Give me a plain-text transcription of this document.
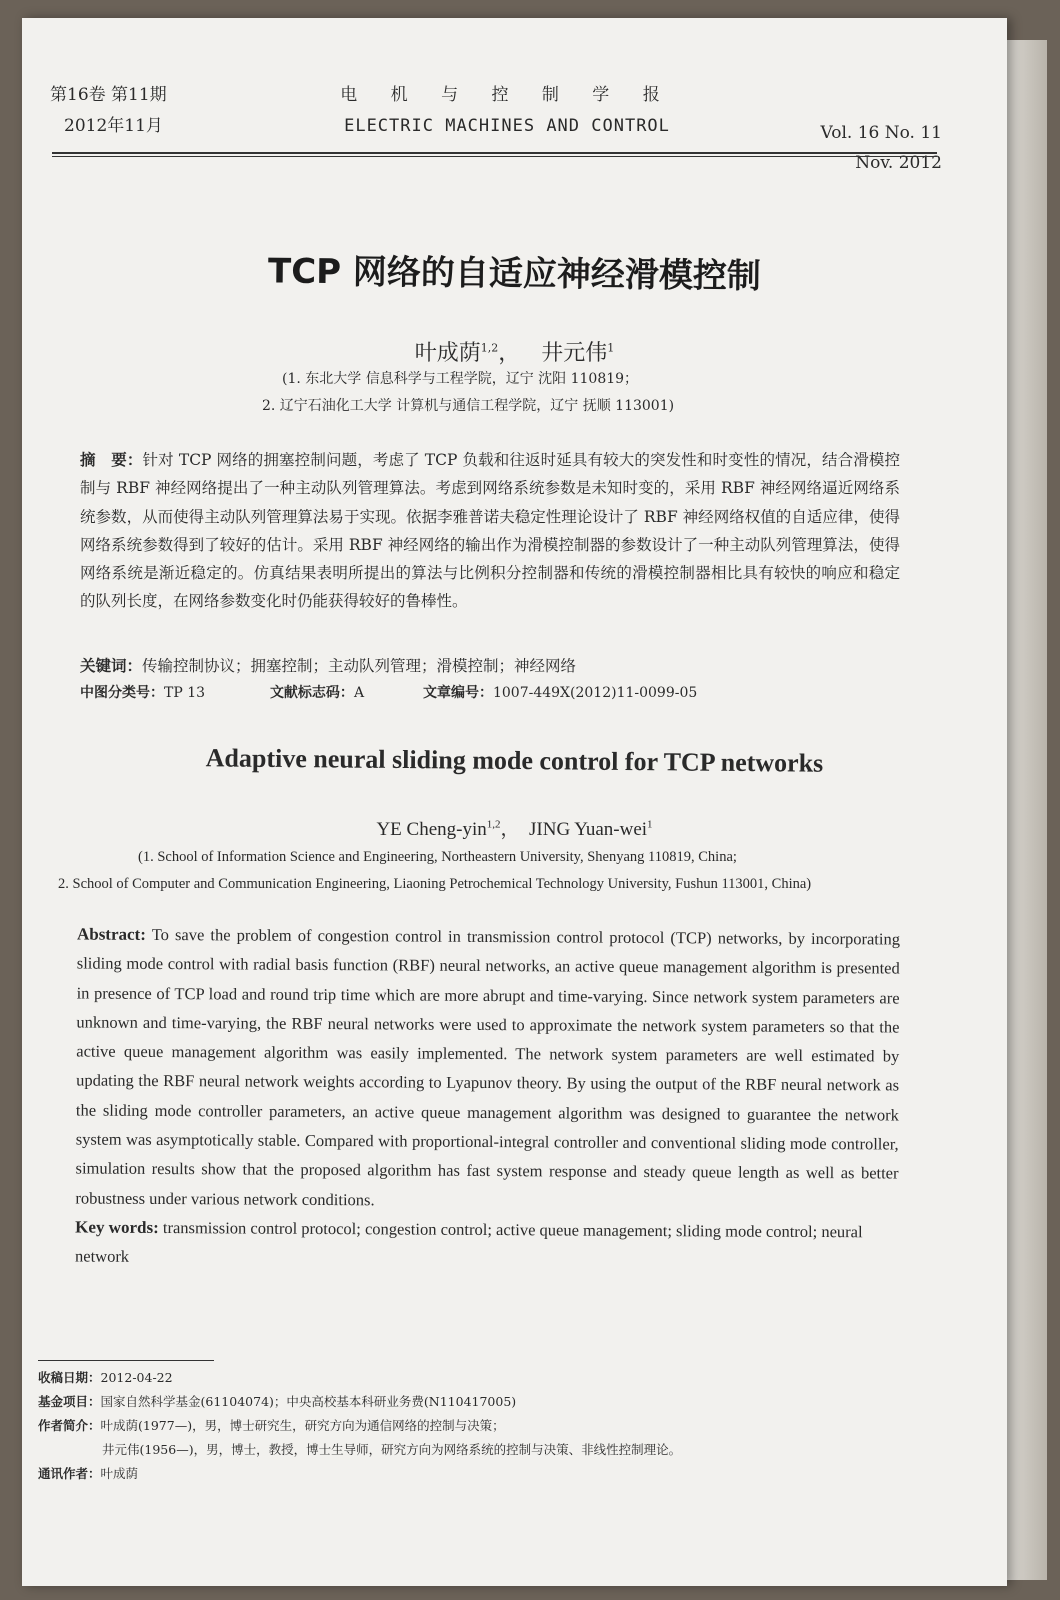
第16卷 第11期
2012年11月
电 机 与 控 制 学 报
ELECTRIC MACHINES AND CONTROL	Vol. 16 No. 11
Nov. 2012
TCP 网络的自适应神经滑模控制
叶成荫$^{1,2}$， 井元伟$^1$
(1. 东北大学 信息科学与工程学院，辽宁 沈阳 110819；
2. 辽宁石油化工大学 计算机与通信工程学院，辽宁 抚顺 113001)
摘　要：针对 TCP 网络的拥塞控制问题，考虑了 TCP 负载和往返时延具有较大的突发性和时变性的情况，结合滑模控制与 RBF 神经网络提出了一种主动队列管理算法。考虑到网络系统参数是未知时变的，采用 RBF 神经网络逼近网络系统参数，从而使得主动队列管理算法易于实现。依据李雅普诺夫稳定性理论设计了 RBF 神经网络权值的自适应律，使得网络系统参数得到了较好的估计。采用 RBF 神经网络的输出作为滑模控制器的参数设计了一种主动队列管理算法，使得网络系统是渐近稳定的。仿真结果表明所提出的算法与比例积分控制器和传统的滑模控制器相比具有较快的响应和稳定的队列长度，在网络参数变化时仍能获得较好的鲁棒性。
关键词：传输控制协议；拥塞控制；主动队列管理；滑模控制；神经网络
中图分类号：TP 13	文献标志码：A	文章编号：1007-449X(2012)11-0099-05
Adaptive neural sliding mode control for TCP networks
YE Cheng-yin$^{1,2}$， JING Yuan-wei$^1$
(1. School of Information Science and Engineering, Northeastern University, Shenyang 110819, China;
2. School of Computer and Communication Engineering, Liaoning Petrochemical Technology University, Fushun 113001, China)
Abstract: To save the problem of congestion control in transmission control protocol (TCP) networks, by incorporating sliding mode control with radial basis function (RBF) neural networks, an active queue management algorithm is presented in presence of TCP load and round trip time which are more abrupt and time-varying. Since network system parameters are unknown and time-varying, the RBF neural networks were used to approximate the network system parameters so that the active queue management algorithm was easily implemented. The network system parameters are well estimated by updating the RBF neural network weights according to Lyapunov theory. By using the output of the RBF neural network as the sliding mode controller parameters, an active queue management algorithm was designed to guarantee the network system was asymptotically stable. Compared with proportional-integral controller and conventional sliding mode controller, simulation results show that the proposed algorithm has fast system response and steady queue length as well as better robustness under various network conditions.
Key words: transmission control protocol; congestion control; active queue management; sliding mode control; neural network
收稿日期：2012-04-22
基金项目：国家自然科学基金(61104074)；中央高校基本科研业务费(N110417005)
作者简介：叶成荫(1977—)，男，博士研究生，研究方向为通信网络的控制与决策；
井元伟(1956—)，男，博士，教授，博士生导师，研究方向为网络系统的控制与决策、非线性控制理论。
通讯作者：叶成荫
